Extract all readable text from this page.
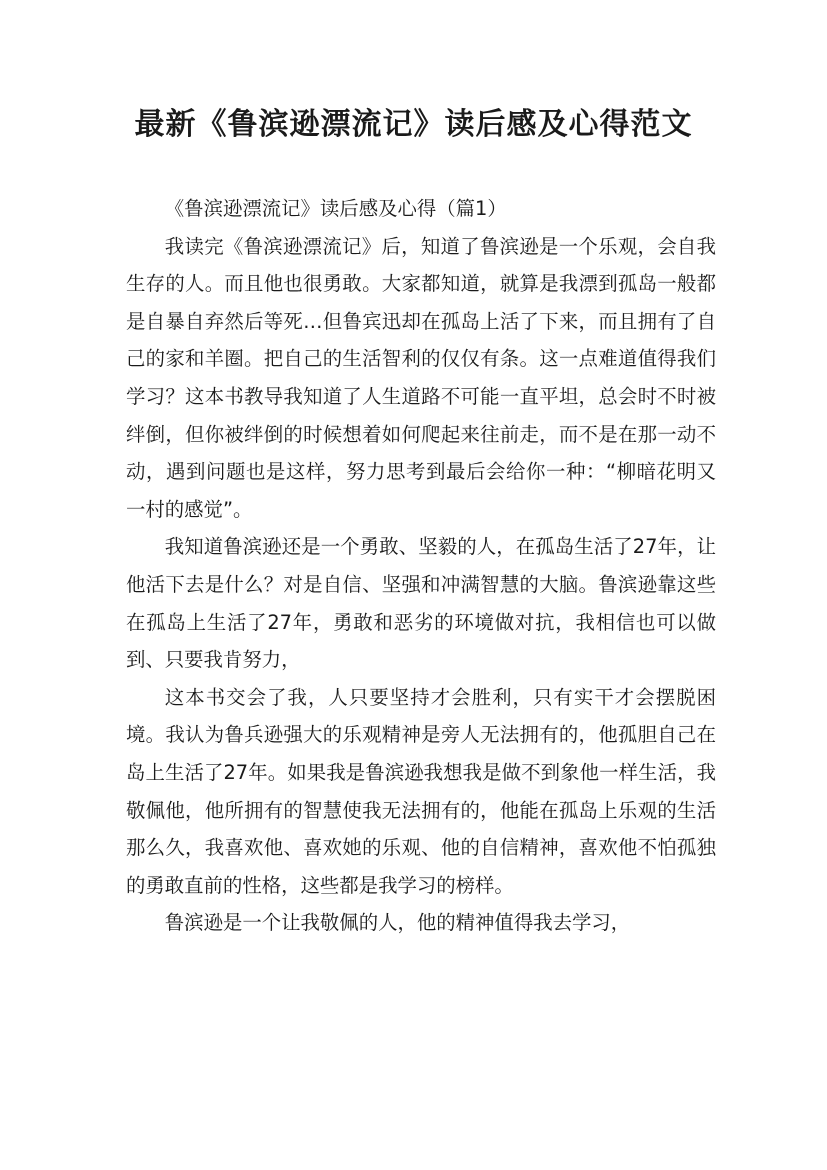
最新《鲁滨逊漂流记》读后感及心得范文

《鲁滨逊漂流记》读后感及心得（篇1）

我读完《鲁滨逊漂流记》后，知道了鲁滨逊是一个乐观，会自我生存的人。而且他也很勇敢。大家都知道，就算是我漂到孤岛一般都是自暴自弃然后等死…但鲁宾迅却在孤岛上活了下来，而且拥有了自己的家和羊圈。把自己的生活智利的仅仅有条。这一点难道值得我们学习？这本书教导我知道了人生道路不可能一直平坦，总会时不时被绊倒，但你被绊倒的时候想着如何爬起来往前走，而不是在那一动不动，遇到问题也是这样，努力思考到最后会给你一种：“柳暗花明又一村的感觉”。

我知道鲁滨逊还是一个勇敢、坚毅的人，在孤岛生活了27年，让他活下去是什么？对是自信、坚强和冲满智慧的大脑。鲁滨逊靠这些在孤岛上生活了27年，勇敢和恶劣的环境做对抗，我相信也可以做到、只要我肯努力，

这本书交会了我，人只要坚持才会胜利，只有实干才会摆脱困境。我认为鲁兵逊强大的乐观精神是旁人无法拥有的，他孤胆自己在岛上生活了27年。如果我是鲁滨逊我想我是做不到象他一样生活，我敬佩他，他所拥有的智慧使我无法拥有的，他能在孤岛上乐观的生活那么久，我喜欢他、喜欢她的乐观、他的自信精神，喜欢他不怕孤独的勇敢直前的性格，这些都是我学习的榜样。

鲁滨逊是一个让我敬佩的人，他的精神值得我去学习，
